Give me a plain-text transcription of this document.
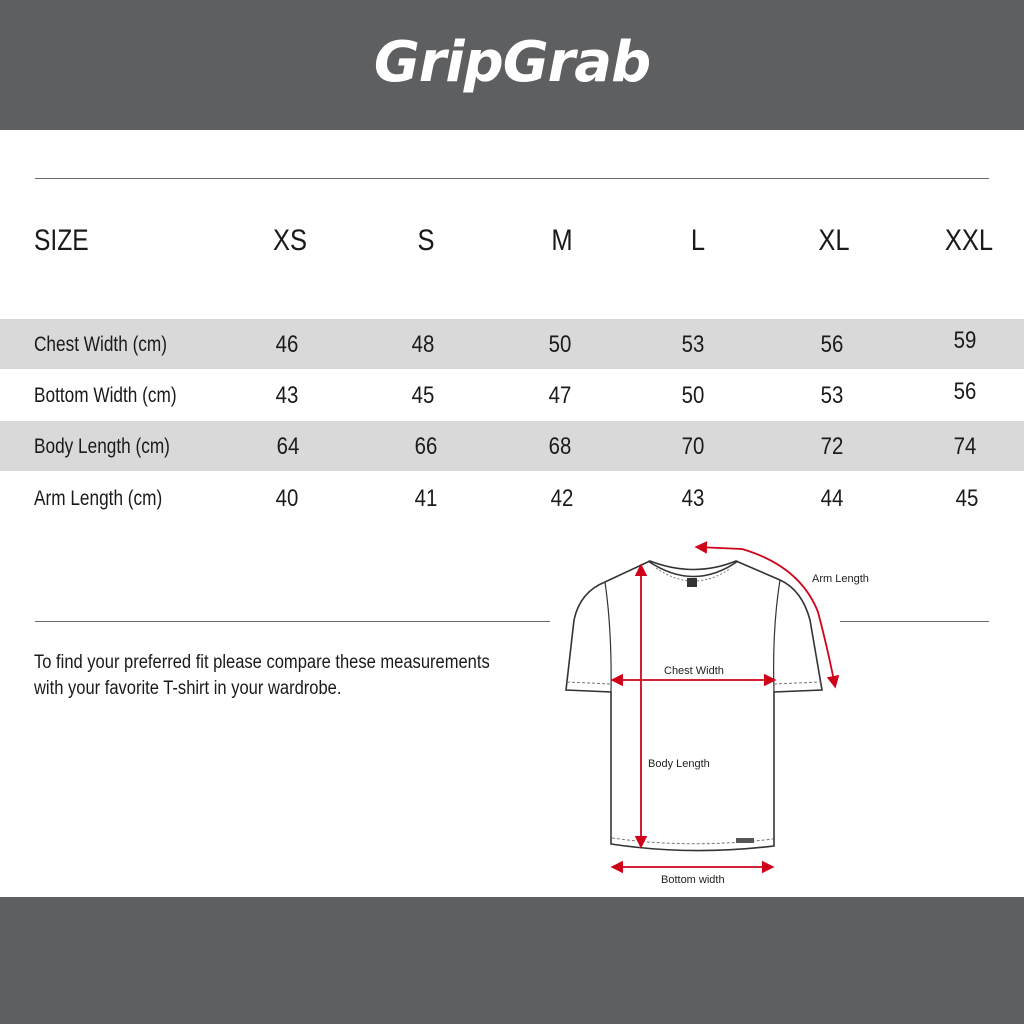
GripGrab
SIZE	XS	S	M	L	XL	XXL
Chest Width (cm)	46	48	50	53	56	59
Bottom Width (cm)	43	45	47	50	53	56
Body Length (cm)	64	66	68	70	72	74
Arm Length (cm)	40	41	42	43	44	45
To find your preferred fit please compare these measurements
with your favorite T-shirt in your wardrobe.
Arm Length
Chest Width
Body Length
Bottom width
